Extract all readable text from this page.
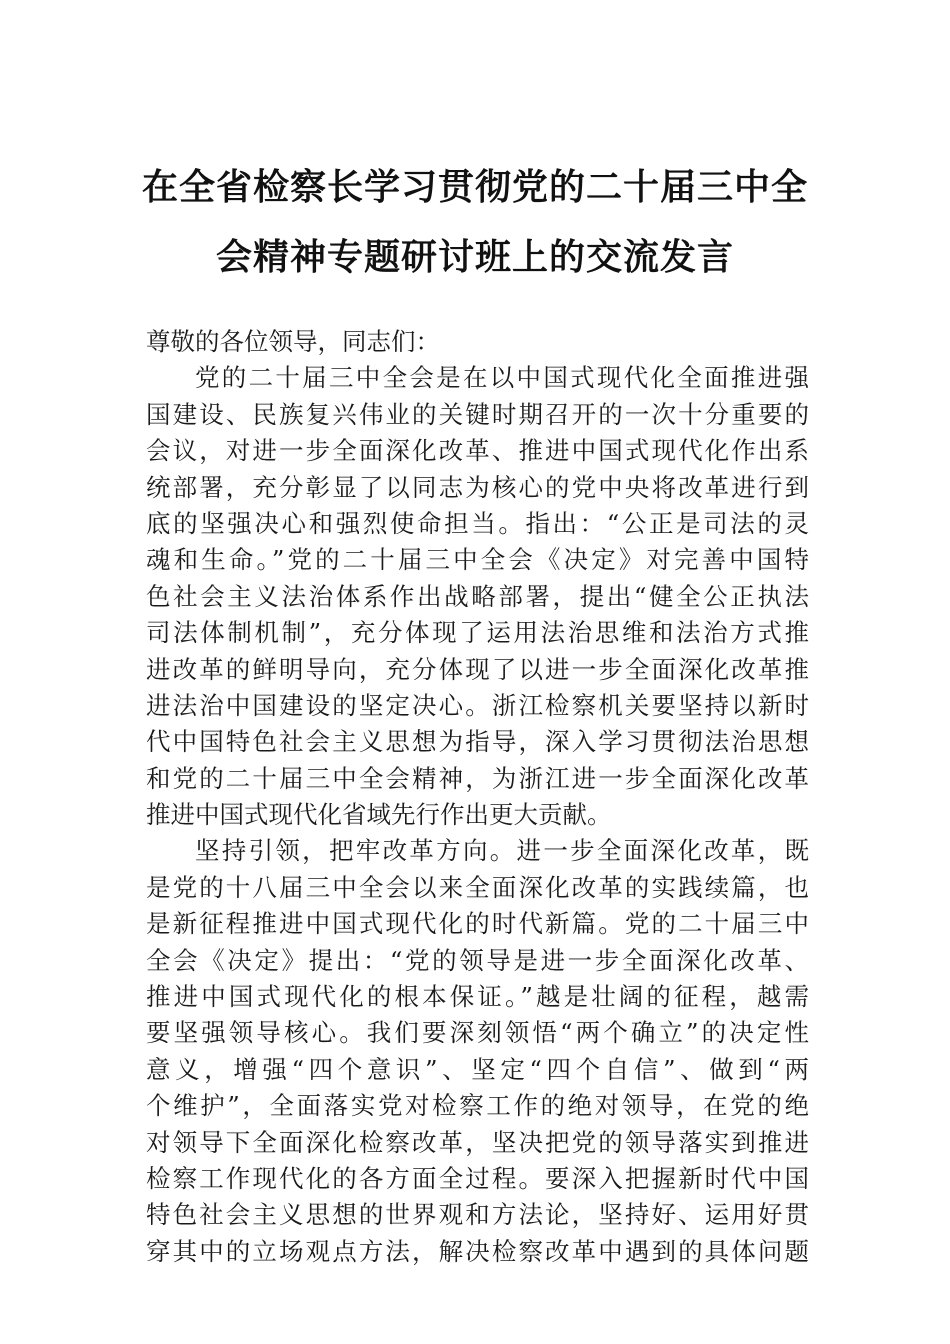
在全省检察长学习贯彻党的二十届三中全
会精神专题研讨班上的交流发言
尊敬的各位领导，同志们：
党的二十届三中全会是在以中国式现代化全面推进强
国建设、民族复兴伟业的关键时期召开的一次十分重要的
会议，对进一步全面深化改革、推进中国式现代化作出系
统部署，充分彰显了以同志为核心的党中央将改革进行到
底的坚强决心和强烈使命担当。指出：“公正是司法的灵
魂和生命。”党的二十届三中全会《决定》对完善中国特
色社会主义法治体系作出战略部署，提出“健全公正执法
司法体制机制”，充分体现了运用法治思维和法治方式推
进改革的鲜明导向，充分体现了以进一步全面深化改革推
进法治中国建设的坚定决心。浙江检察机关要坚持以新时
代中国特色社会主义思想为指导，深入学习贯彻法治思想
和党的二十届三中全会精神，为浙江进一步全面深化改革
推进中国式现代化省域先行作出更大贡献。
坚持引领，把牢改革方向。进一步全面深化改革，既
是党的十八届三中全会以来全面深化改革的实践续篇，也
是新征程推进中国式现代化的时代新篇。党的二十届三中
全会《决定》提出：“党的领导是进一步全面深化改革、
推进中国式现代化的根本保证。”越是壮阔的征程，越需
要坚强领导核心。我们要深刻领悟“两个确立”的决定性
意义，增强“四个意识”、坚定“四个自信”、做到“两
个维护”，全面落实党对检察工作的绝对领导，在党的绝
对领导下全面深化检察改革，坚决把党的领导落实到推进
检察工作现代化的各方面全过程。要深入把握新时代中国
特色社会主义思想的世界观和方法论，坚持好、运用好贯
穿其中的立场观点方法，解决检察改革中遇到的具体问题
